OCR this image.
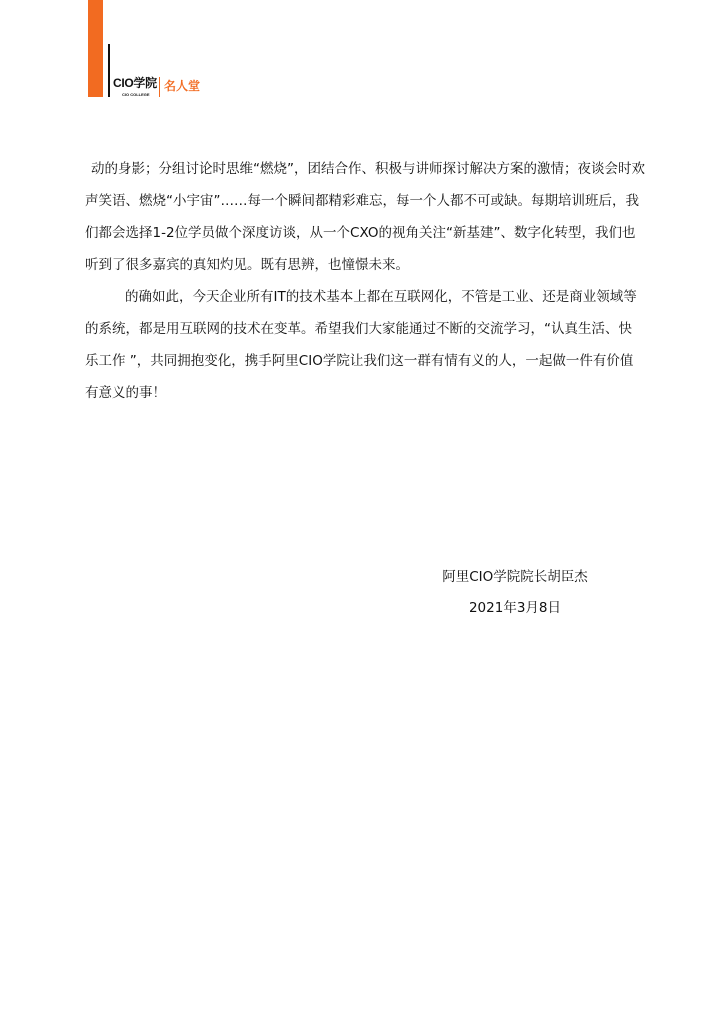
CIO学院
CIO COLLEGE
名人堂

动的身影；分组讨论时思维“燃烧”，团结合作、积极与讲师探讨解决方案的激情；夜谈会时欢声笑语、燃烧“小宇宙”……每一个瞬间都精彩难忘，每一个人都不可或缺。每期培训班后，我们都会选择1-2位学员做个深度访谈，从一个CXO的视角关注“新基建”、数字化转型，我们也听到了很多嘉宾的真知灼见。既有思辨，也憧憬未来。

的确如此，今天企业所有IT的技术基本上都在互联网化，不管是工业、还是商业领域等的系统，都是用互联网的技术在变革。希望我们大家能通过不断的交流学习，“认真生活、快乐工作 ”，共同拥抱变化，携手阿里CIO学院让我们这一群有情有义的人，一起做一件有价值有意义的事！

阿里CIO学院院长胡臣杰
2021年3月8日
